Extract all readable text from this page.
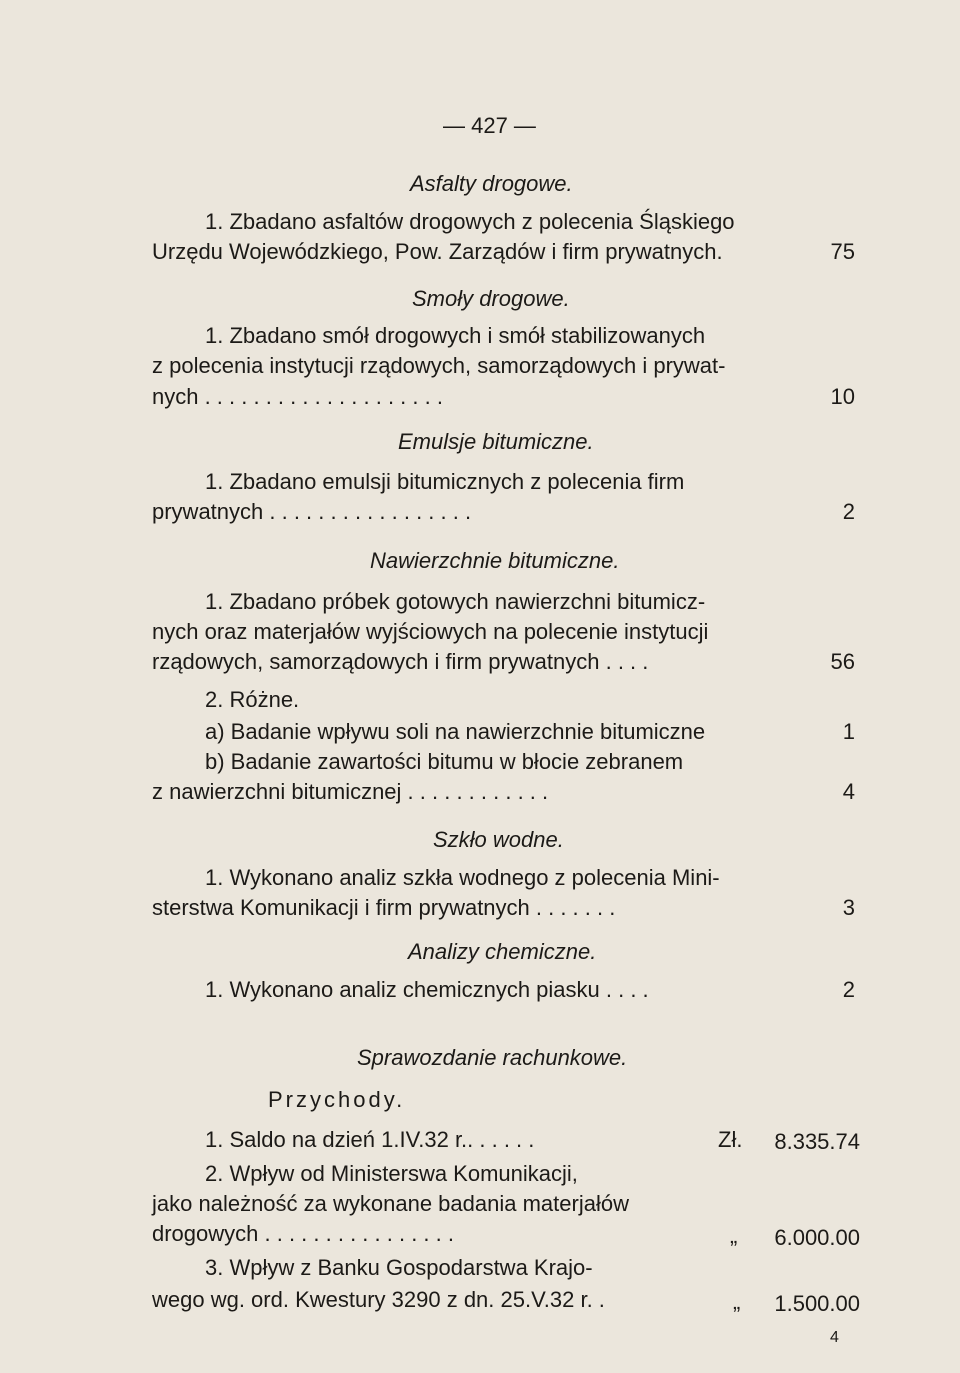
— 427 —
Asfalty drogowe.
1. Zbadano asfaltów drogowych z polecenia Śląskiego
Urzędu Wojewódzkiego, Pow. Zarządów i firm prywatnych.	75
Smoły drogowe.
1. Zbadano smół drogowych i smół stabilizowanych
z polecenia instytucji rządowych, samorządowych i prywat-
nych . . . . . . . . . . . . . . . . . . . .	10
Emulsje bitumiczne.
1. Zbadano emulsji bitumicznych z polecenia firm
prywatnych . . . . . . . . . . . . . . . . .	2
Nawierzchnie bitumiczne.
1. Zbadano próbek gotowych nawierzchni bitumicz-
nych oraz materjałów wyjściowych na polecenie instytucji
rządowych, samorządowych i firm prywatnych . . . .	56
2. Różne.
a) Badanie wpływu soli na nawierzchnie bitumiczne	1
b) Badanie zawartości bitumu w błocie zebranem
z nawierzchni bitumicznej . . . . . . . . . . . .	4
Szkło wodne.
1. Wykonano analiz szkła wodnego z polecenia Mini-
sterstwa Komunikacji i firm prywatnych . . . . . . .	3
Analizy chemiczne.
1. Wykonano analiz chemicznych piasku . . . .	2
Sprawozdanie rachunkowe.
Przychody.
1. Saldo na dzień 1.IV.32 r.. . . . . .	Zł. 8.335.74
2. Wpływ od Ministerswa Komunikacji,
jako należność za wykonane badania materjałów
drogowych . . . . . . . . . . . . . . . .	„ 6.000.00
3. Wpływ z Banku Gospodarstwa Krajo-
wego wg. ord. Kwestury 3290 z dn. 25.V.32 r. .	„ 1.500.00
4
